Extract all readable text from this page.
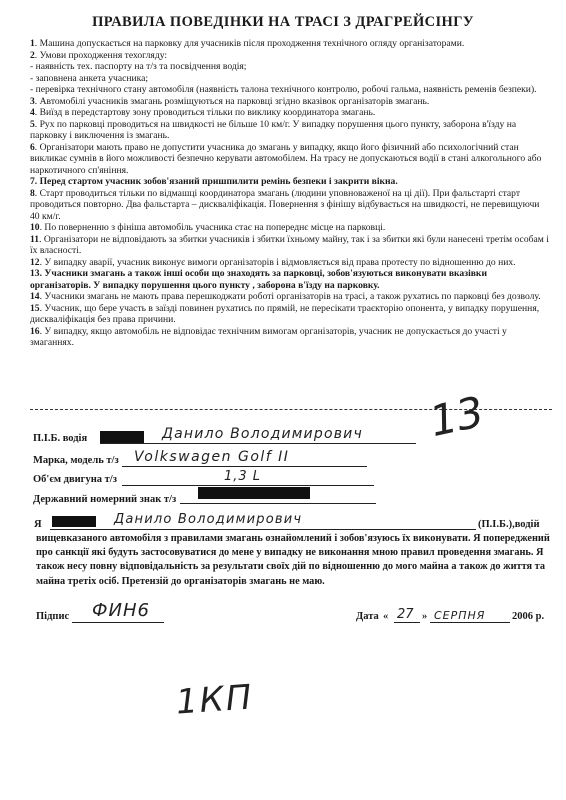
ПРАВИЛА ПОВЕДІНКИ НА ТРАСІ З ДРАГРЕЙСІНГУ

1. Машина допускається на парковку для учасників після проходження технічного огляду організаторами.

2. Умови проходження техогляду:

- наявність тех. паспорту на т/з та посвідчення водія;

- заповнена анкета учасника;

- перевірка технічного стану автомобіля (наявність талона технічного контролю, робочі гальма, наявність ременів безпеки).

3. Автомобілі учасників змагань розміщуються на парковці згідно вказівок організаторів змагань.

4. Виїзд в передстартову зону проводиться тільки по виклику координатора змагань.

5. Рух по парковці проводиться на швидкості не більше 10 км/г. У випадку порушення цього пункту, заборона в'їзду на парковку і виключення із змагань.

6. Організатори мають право не допустити учасника до змагань у випадку, якщо його фізичний або психологічний стан викликає сумнів в його можливості безпечно керувати автомобілем. На трасу не допускаються водії в стані алкогольного або наркотичного сп'яніння.

7. Перед стартом учасник зобов'язаний пришпилити ремінь безпеки і закрити вікна.

8. Старт проводиться тільки по відмашці координатора змагань (людини уповноваженої на ці дії). При фальстарті старт проводиться повторно. Два фальстарта – дискваліфікація. Повернення з фінішу відбувається на швидкості, не перевищуючи 40 км/г.

10. По поверненню з фініша автомобіль учасника стає на попереднє місце на парковці.

11. Організатори не відповідають за збитки учасників і збитки їхньому майну, так і за збитки які були нанесені третім особам і їх власності.

12. У випадку аварії, учасник виконує вимоги організаторів і відмовляється від права протесту по відношенню до них.

13. Учасники змагань а також інші особи що знаходять за парковці, зобов'язуються виконувати вказівки організаторів. У випадку порушення цього пункту , заборона в'їзду на парковку.

14. Учасники змагань не мають права перешкоджати роботі організаторів на трасі, а також рухатись по парковці без дозволу.

15. Учасник, що бере участь в заїзді повинен рухатись по прямій, не пересікати траєкторію опонента, у випадку порушення, дискваліфікація без права причини.

16. У випадку, якщо автомобіль не відповідає технічним вимогам організаторів, учасник не допускається до участі у змаганнях.

13
П.І.Б. водія	Данило Володимирович
Марка, модель т/з Volkswagen Golf II
Об'єм двигуна т/з	1,3 L
Державний номерний знак т/з
Я	Данило Володимирович	(П.І.Б.),водій

вищевказаного автомобіля з правилами змагань ознайомлений і зобов'язуюсь їх виконувати. Я попереджений про санкції які будуть застосовуватися до мене у випадку не виконання мною правил проведення змагань. Я також несу повну відповідальність за результати своїх дій по відношенню до мого майна а також до життя та майна третіх осіб. Претензій до організаторів змагань не маю.

Підпис ФИН6	Дата « 27 » СЕРПНЯ	2006 р.
1КП
